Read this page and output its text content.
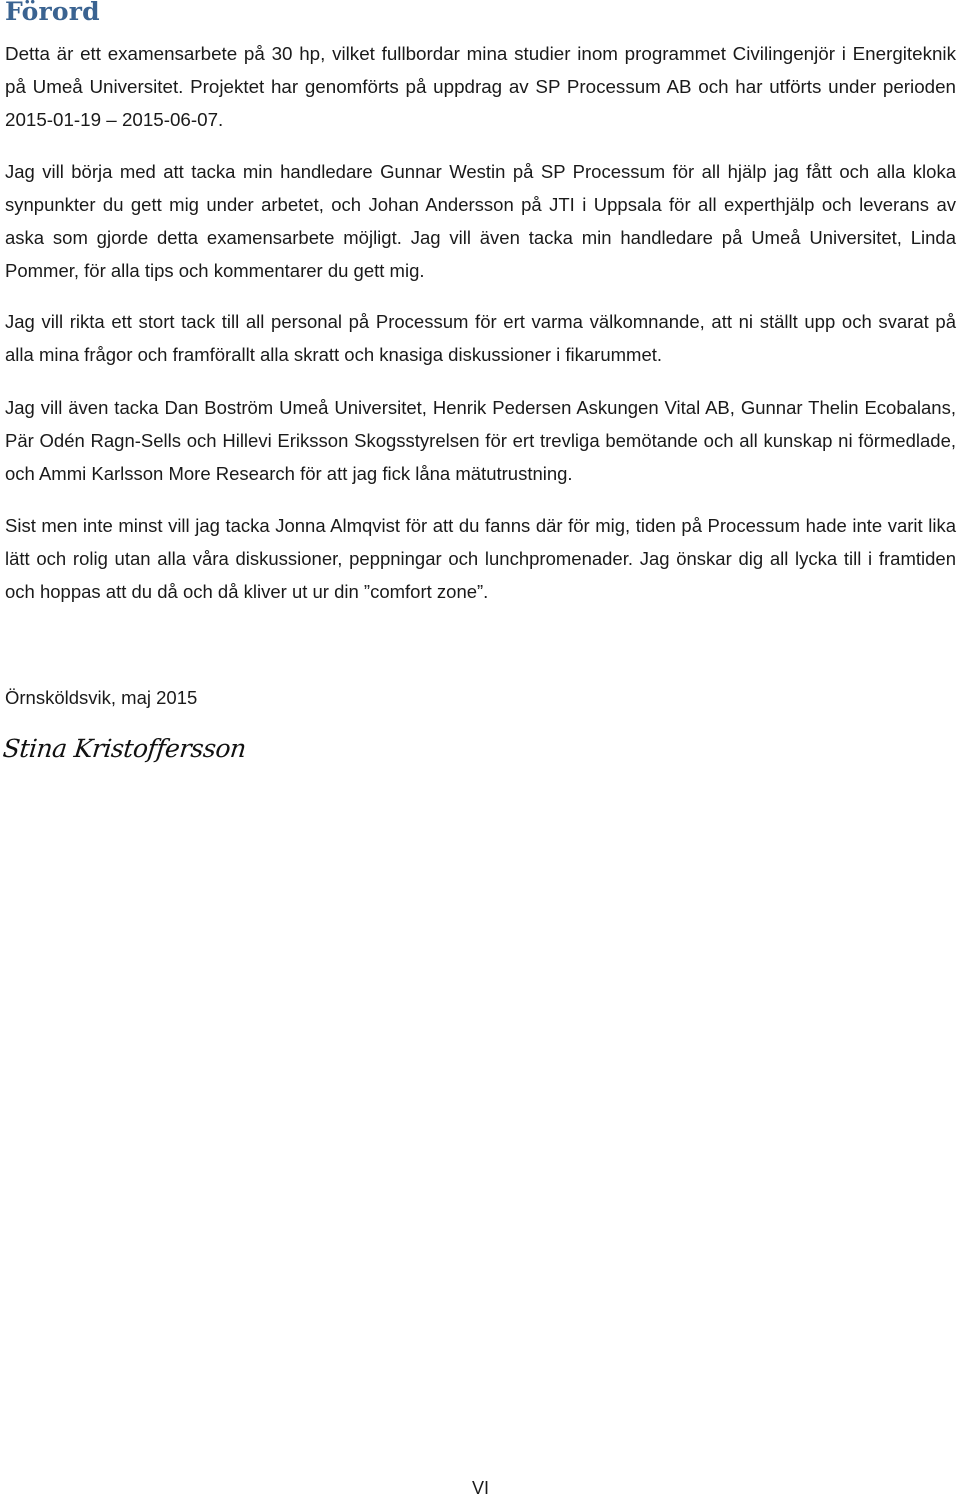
Förord

Detta är ett examensarbete på 30 hp, vilket fullbordar mina studier inom programmet Civilingenjör i Energiteknik på Umeå Universitet. Projektet har genomförts på uppdrag av SP Processum AB och har utförts under perioden 2015-01-19 – 2015-06-07.

Jag vill börja med att tacka min handledare Gunnar Westin på SP Processum för all hjälp jag fått och alla kloka synpunkter du gett mig under arbetet, och Johan Andersson på JTI i Uppsala för all experthjälp och leverans av aska som gjorde detta examensarbete möjligt. Jag vill även tacka min handledare på Umeå Universitet, Linda Pommer, för alla tips och kommentarer du gett mig.

Jag vill rikta ett stort tack till all personal på Processum för ert varma välkomnande, att ni ställt upp och svarat på alla mina frågor och framförallt alla skratt och knasiga diskussioner i fikarummet.

Jag vill även tacka Dan Boström Umeå Universitet, Henrik Pedersen Askungen Vital AB, Gunnar Thelin Ecobalans, Pär Odén Ragn-Sells och Hillevi Eriksson Skogsstyrelsen för ert trevliga bemötande och all kunskap ni förmedlade, och Ammi Karlsson More Research för att jag fick låna mätutrustning.

Sist men inte minst vill jag tacka Jonna Almqvist för att du fanns där för mig, tiden på Processum hade inte varit lika lätt och rolig utan alla våra diskussioner, peppningar och lunchpromenader. Jag önskar dig all lycka till i framtiden och hoppas att du då och då kliver ut ur din ”comfort zone”.

Örnsköldsvik, maj 2015

Stina Kristoffersson

VI
